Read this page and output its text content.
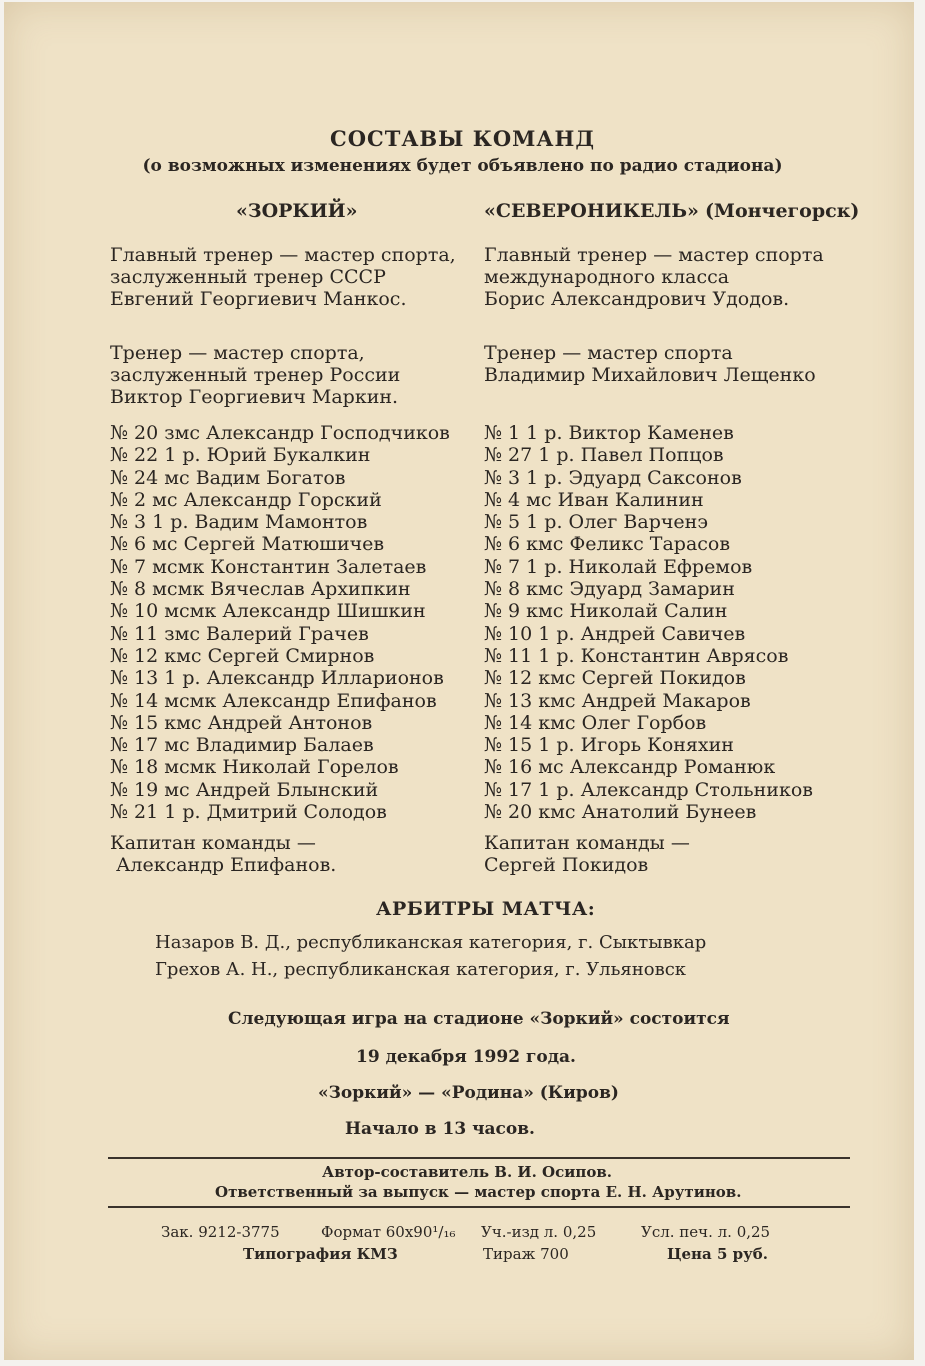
СОСТАВЫ КОМАНД
(о возможных изменениях будет объявлено по радио стадиона)
«ЗОРКИЙ»	«СЕВЕРОНИКЕЛЬ» (Мончегорск)
Главный тренер — мастер спорта,
заслуженный тренер СССР
Евгений Георгиевич Манкос.
Главный тренер — мастер спорта
международного класса
Борис Александрович Удодов.
Тренер — мастер спорта,
заслуженный тренер России
Виктор Георгиевич Маркин.
Тренер — мастер спорта
Владимир Михайлович Лещенко
№ 20 змс Александр Господчиков
№ 22 1 р. Юрий Букалкин
№ 24 мс Вадим Богатов
№ 2 мс Александр Горский
№ 3 1 р. Вадим Мамонтов
№ 6 мс Сергей Матюшичев
№ 7 мсмк Константин Залетаев
№ 8 мсмк Вячеслав Архипкин
№ 10 мсмк Александр Шишкин
№ 11 змс Валерий Грачев
№ 12 кмс Сергей Смирнов
№ 13 1 р. Александр Илларионов
№ 14 мсмк Александр Епифанов
№ 15 кмс Андрей Антонов
№ 17 мс Владимир Балаев
№ 18 мсмк Николай Горелов
№ 19 мс Андрей Блынский
№ 21 1 р. Дмитрий Солодов
№ 1 1 р. Виктор Каменев
№ 27 1 р. Павел Попцов
№ 3 1 р. Эдуард Саксонов
№ 4 мс Иван Калинин
№ 5 1 р. Олег Варченэ
№ 6 кмс Феликс Тарасов
№ 7 1 р. Николай Ефремов
№ 8 кмс Эдуард Замарин
№ 9 кмс Николай Салин
№ 10 1 р. Андрей Савичев
№ 11 1 р. Константин Аврясов
№ 12 кмс Сергей Покидов
№ 13 кмс Андрей Макаров
№ 14 кмс Олег Горбов
№ 15 1 р. Игорь Коняхин
№ 16 мс Александр Романюк
№ 17 1 р. Александр Стольников
№ 20 кмс Анатолий Бунеев
Капитан команды —
Александр Епифанов.
Капитан команды —
Сергей Покидов
АРБИТРЫ МАТЧА:
Назаров В. Д., республиканская категория, г. Сыктывкар
Грехов А. Н., республиканская категория, г. Ульяновск
Следующая игра на стадионе «Зоркий» состоится
19 декабря 1992 года.
«Зоркий» — «Родина» (Киров)
Начало в 13 часов.
Автор-составитель В. И. Осипов.
Ответственный за выпуск — мастер спорта Е. Н. Арутинов.
Зак. 9212-3775	Формат 60х90¹/₁₆ Уч.-изд л. 0,25	Усл. печ. л. 0,25
Типография КМЗ	Тираж 700	Цена 5 руб.
